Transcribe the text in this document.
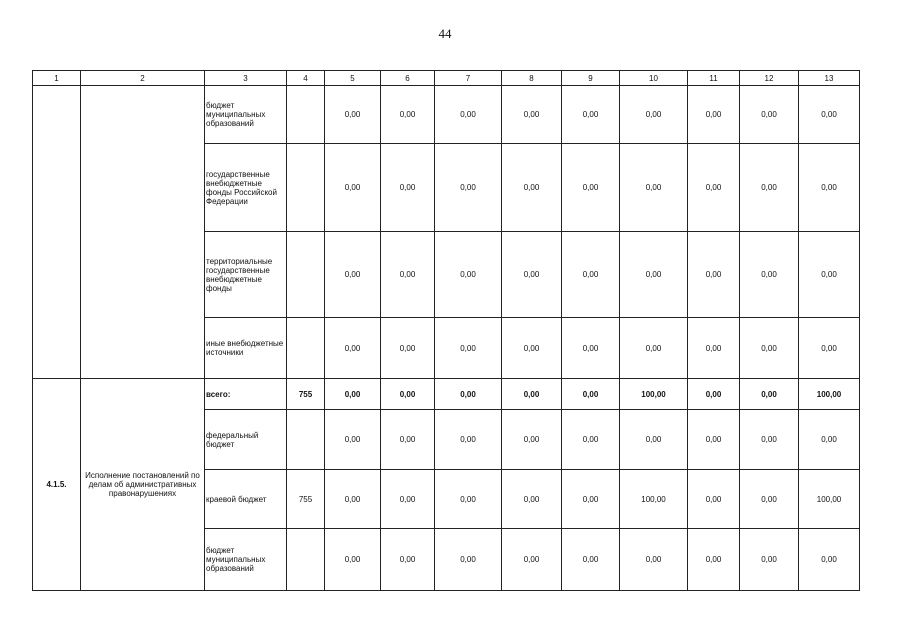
44
1	2	3	4	5	6	7	8	9	10	11	12	13
		бюджет муниципальных образований		0,00	0,00	0,00	0,00	0,00	0,00	0,00	0,00	0,00
		государственные внебюджетные фонды Российской Федерации		0,00	0,00	0,00	0,00	0,00	0,00	0,00	0,00	0,00
		территориальные государственные внебюджетные фонды		0,00	0,00	0,00	0,00	0,00	0,00	0,00	0,00	0,00
		иные внебюджетные источники		0,00	0,00	0,00	0,00	0,00	0,00	0,00	0,00	0,00
4.1.5.	Исполнение постановлений по делам об административных правонарушениях	всего:	755	0,00	0,00	0,00	0,00	0,00	100,00	0,00	0,00	100,00
		федеральный бюджет		0,00	0,00	0,00	0,00	0,00	0,00	0,00	0,00	0,00
		краевой бюджет	755	0,00	0,00	0,00	0,00	0,00	100,00	0,00	0,00	100,00
		бюджет муниципальных образований		0,00	0,00	0,00	0,00	0,00	0,00	0,00	0,00	0,00
